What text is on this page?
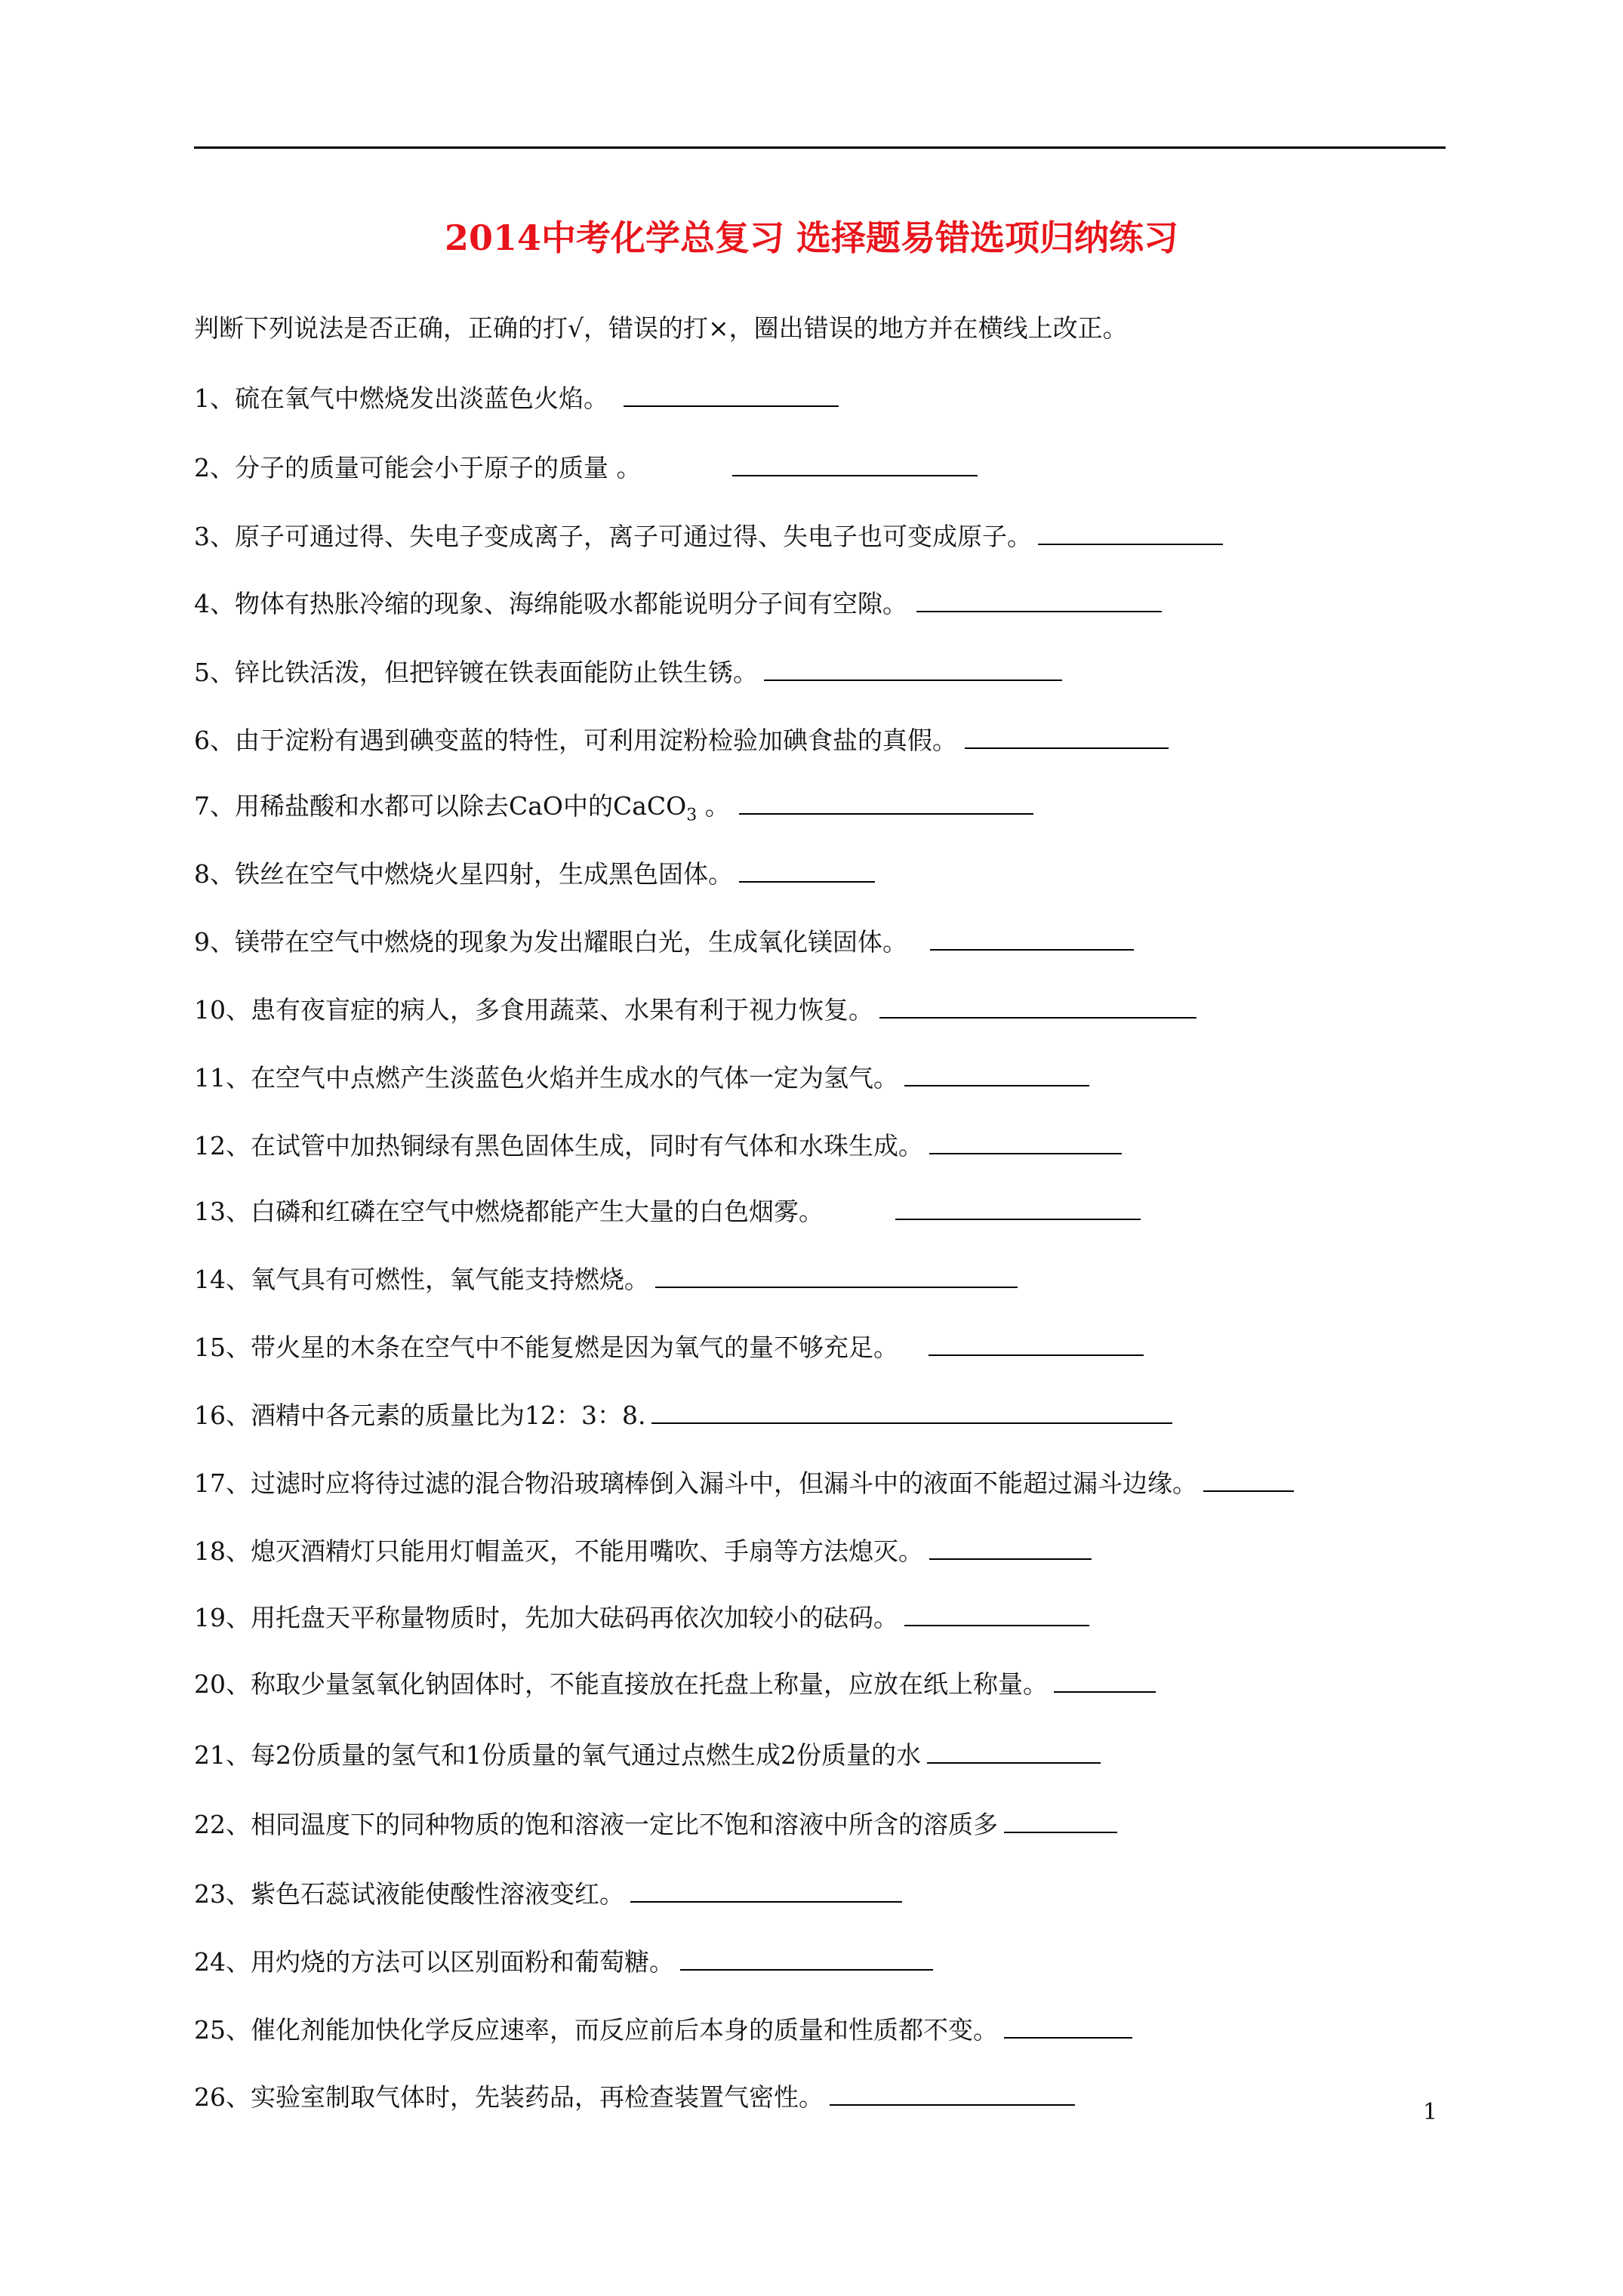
2014中考化学总复习 选择题易错选项归纳练习
判断下列说法是否正确，正确的打√，错误的打×，圈出错误的地方并在横线上改正。
1、硫在氧气中燃烧发出淡蓝色火焰。
2、分子的质量可能会小于原子的质量 。
3、原子可通过得、失电子变成离子，离子可通过得、失电子也可变成原子。
4、物体有热胀冷缩的现象、海绵能吸水都能说明分子间有空隙。
5、锌比铁活泼，但把锌镀在铁表面能防止铁生锈。
6、由于淀粉有遇到碘变蓝的特性，可利用淀粉检验加碘食盐的真假。
7、用稀盐酸和水都可以除去CaO中的CaCO$_3$ 。
8、铁丝在空气中燃烧火星四射，生成黑色固体。
9、镁带在空气中燃烧的现象为发出耀眼白光，生成氧化镁固体。
10、患有夜盲症的病人，多食用蔬菜、水果有利于视力恢复。
11、在空气中点燃产生淡蓝色火焰并生成水的气体一定为氢气。
12、在试管中加热铜绿有黑色固体生成，同时有气体和水珠生成。
13、白磷和红磷在空气中燃烧都能产生大量的白色烟雾。
14、氧气具有可燃性，氧气能支持燃烧。
15、带火星的木条在空气中不能复燃是因为氧气的量不够充足。
16、酒精中各元素的质量比为12：3：8.
17、过滤时应将待过滤的混合物沿玻璃棒倒入漏斗中，但漏斗中的液面不能超过漏斗边缘。
18、熄灭酒精灯只能用灯帽盖灭，不能用嘴吹、手扇等方法熄灭。
19、用托盘天平称量物质时，先加大砝码再依次加较小的砝码。
20、称取少量氢氧化钠固体时，不能直接放在托盘上称量，应放在纸上称量。
21、每2份质量的氢气和1份质量的氧气通过点燃生成2份质量的水
22、相同温度下的同种物质的饱和溶液一定比不饱和溶液中所含的溶质多
23、紫色石蕊试液能使酸性溶液变红。
24、用灼烧的方法可以区别面粉和葡萄糖。
25、催化剂能加快化学反应速率，而反应前后本身的质量和性质都不变。
26、实验室制取气体时，先装药品，再检查装置气密性。
1
